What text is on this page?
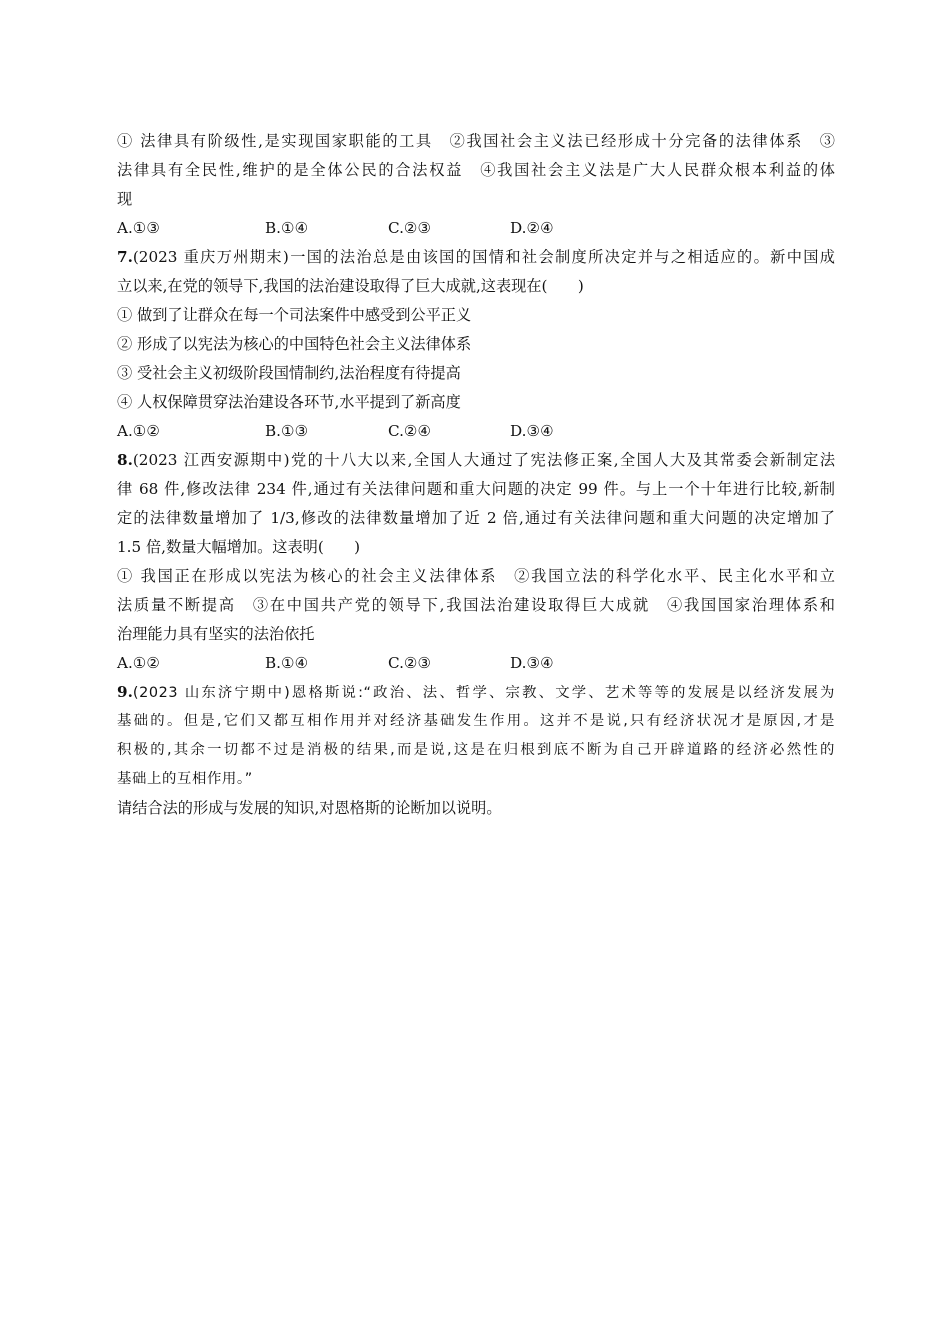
① 法律具有阶级性,是实现国家职能的工具　②我国社会主义法已经形成十分完备的法律体系　③
法律具有全民性,维护的是全体公民的合法权益　④我国社会主义法是广大人民群众根本利益的体
现
A.①③	B.①④	C.②③	D.②④
7.(2023 重庆万州期末)一国的法治总是由该国的国情和社会制度所决定并与之相适应的。新中国成
立以来,在党的领导下,我国的法治建设取得了巨大成就,这表现在(　　)
① 做到了让群众在每一个司法案件中感受到公平正义
② 形成了以宪法为核心的中国特色社会主义法律体系
③ 受社会主义初级阶段国情制约,法治程度有待提高
④ 人权保障贯穿法治建设各环节,水平提到了新高度
A.①②	B.①③	C.②④	D.③④
8.(2023 江西安源期中)党的十八大以来,全国人大通过了宪法修正案,全国人大及其常委会新制定法
律 68 件,修改法律 234 件,通过有关法律问题和重大问题的决定 99 件。与上一个十年进行比较,新制
定的法律数量增加了 1/3,修改的法律数量增加了近 2 倍,通过有关法律问题和重大问题的决定增加了
1.5 倍,数量大幅增加。这表明(　　)
① 我国正在形成以宪法为核心的社会主义法律体系　②我国立法的科学化水平、民主化水平和立
法质量不断提高　③在中国共产党的领导下,我国法治建设取得巨大成就　④我国国家治理体系和
治理能力具有坚实的法治依托
A.①②	B.①④	C.②③	D.③④
9.(2023 山东济宁期中)恩格斯说:“政治、法、哲学、宗教、文学、艺术等等的发展是以经济发展为
基础的。但是,它们又都互相作用并对经济基础发生作用。这并不是说,只有经济状况才是原因,才是
积极的,其余一切都不过是消极的结果,而是说,这是在归根到底不断为自己开辟道路的经济必然性的
基础上的互相作用。”
请结合法的形成与发展的知识,对恩格斯的论断加以说明。
